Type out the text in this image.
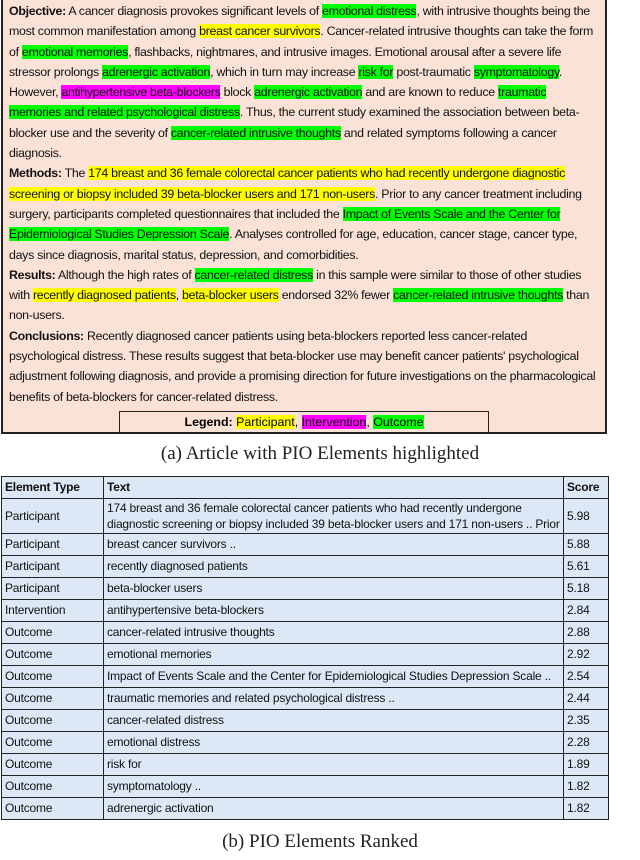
Objective: A cancer diagnosis provokes significant levels of emotional distress, with intrusive thoughts being the most common manifestation among breast cancer survivors. Cancer-related intrusive thoughts can take the form of emotional memories, flashbacks, nightmares, and intrusive images. Emotional arousal after a severe life stressor prolongs adrenergic activation, which in turn may increase risk for post-traumatic symptomatology. However, antihypertensive beta-blockers block adrenergic activation and are known to reduce traumatic memories and related psychological distress. Thus, the current study examined the association between beta-blocker use and the severity of cancer-related intrusive thoughts and related symptoms following a cancer diagnosis.

Methods: The 174 breast and 36 female colorectal cancer patients who had recently undergone diagnostic screening or biopsy included 39 beta-blocker users and 171 non-users. Prior to any cancer treatment including surgery, participants completed questionnaires that included the Impact of Events Scale and the Center for Epidemiological Studies Depression Scale. Analyses controlled for age, education, cancer stage, cancer type, days since diagnosis, marital status, depression, and comorbidities.

Results: Although the high rates of cancer-related distress in this sample were similar to those of other studies with recently diagnosed patients, beta-blocker users endorsed 32% fewer cancer-related intrusive thoughts than non-users.

Conclusions: Recently diagnosed cancer patients using beta-blockers reported less cancer-related psychological distress. These results suggest that beta-blocker use may benefit cancer patients' psychological adjustment following diagnosis, and provide a promising direction for future investigations on the pharmacological benefits of beta-blockers for cancer-related distress.

Legend: Participant, Intervention, Outcome
(a) Article with PIO Elements highlighted
Element Type	Text	Score
Participant	174 breast and 36 female colorectal cancer patients who had recently undergone diagnostic screening or biopsy included 39 beta-blocker users and 171 non-users .. Prior	5.98
Participant	breast cancer survivors ..	5.88
Participant	recently diagnosed patients	5.61
Participant	beta-blocker users	5.18
Intervention	antihypertensive beta-blockers	2.84
Outcome	cancer-related intrusive thoughts	2.88
Outcome	emotional memories	2.92
Outcome	Impact of Events Scale and the Center for Epidemiological Studies Depression Scale ..	2.54
Outcome	traumatic memories and related psychological distress ..	2.44
Outcome	cancer-related distress	2.35
Outcome	emotional distress	2.28
Outcome	risk for	1.89
Outcome	symptomatology ..	1.82
Outcome	adrenergic activation	1.82
(b) PIO Elements Ranked
